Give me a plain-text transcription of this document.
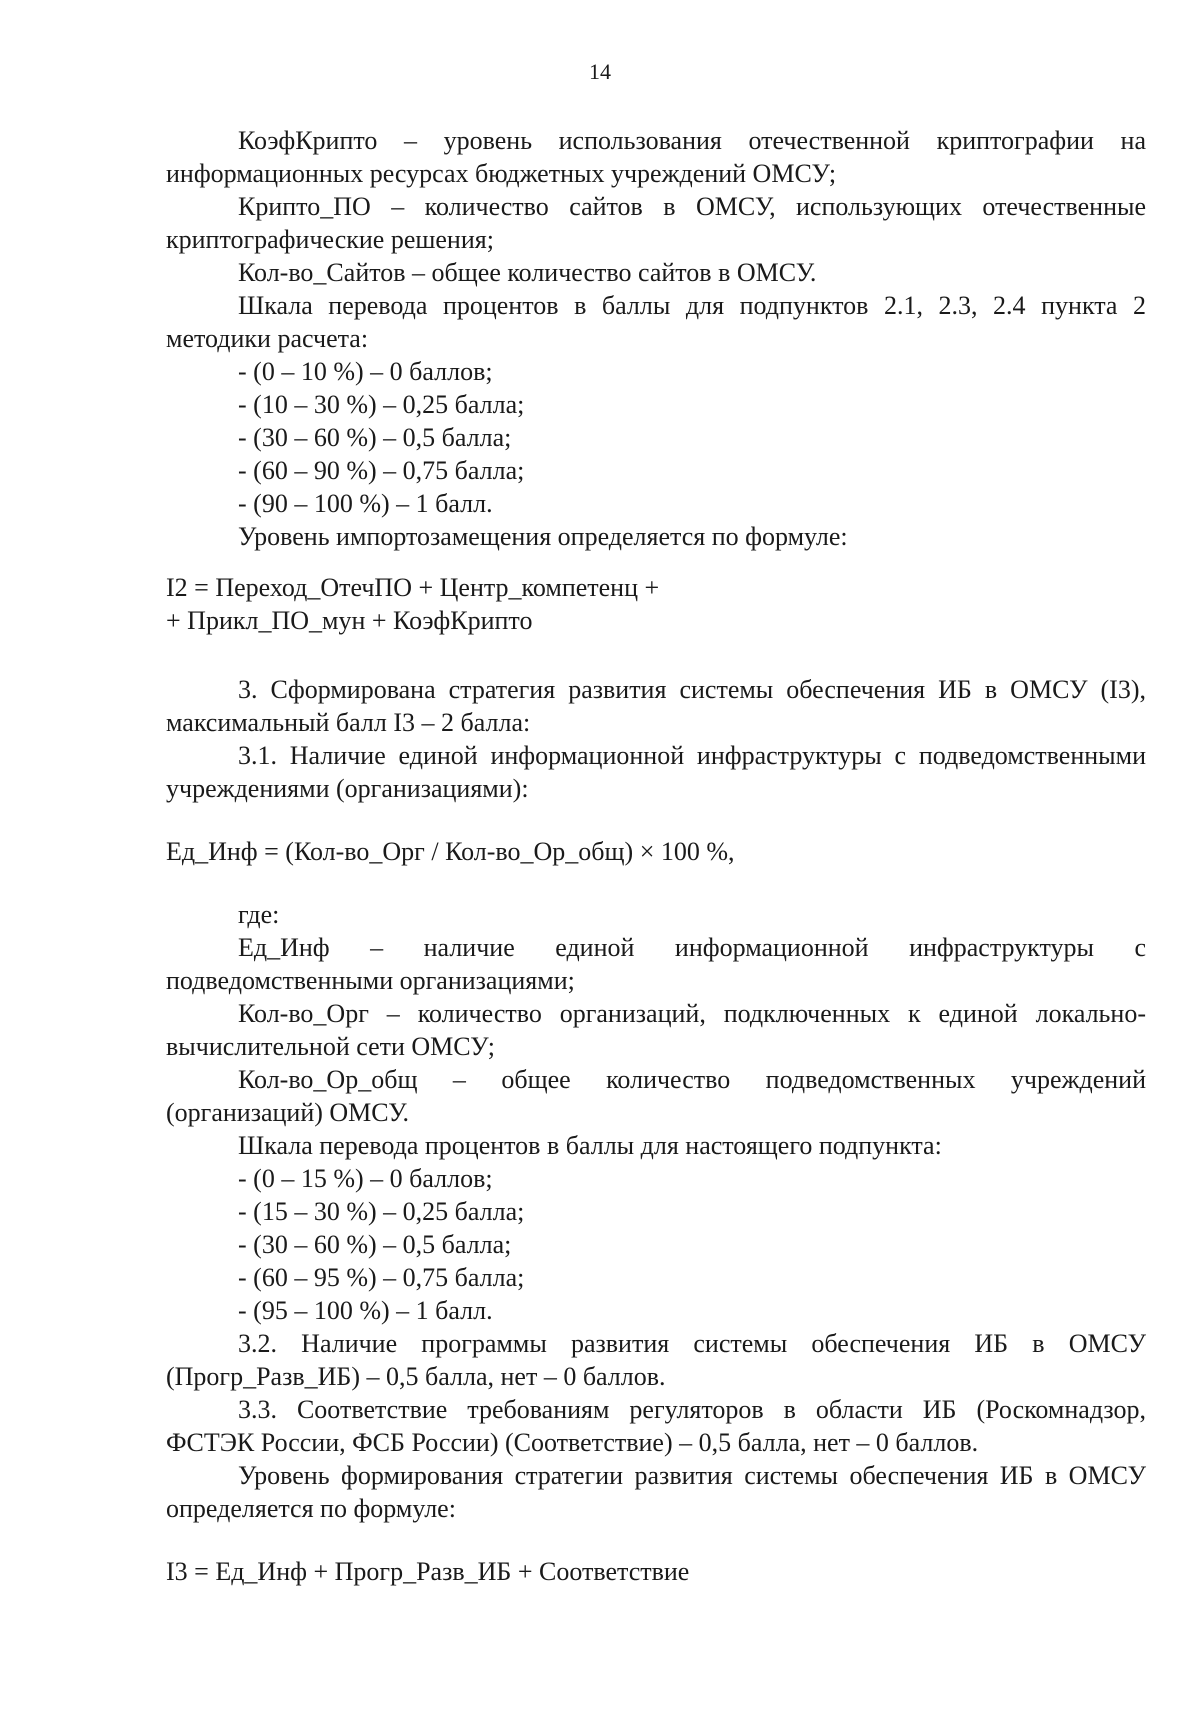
14

КоэфКрипто – уровень использования отечественной криптографии на информационных ресурсах бюджетных учреждений ОМСУ;

Крипто_ПО – количество сайтов в ОМСУ, использующих отечественные криптографические решения;

Кол-во_Сайтов – общее количество сайтов в ОМСУ.

Шкала перевода процентов в баллы для подпунктов 2.1, 2.3, 2.4 пункта 2 методики расчета:

- (0 – 10 %) – 0 баллов;

- (10 – 30 %) – 0,25 балла;

- (30 – 60 %) – 0,5 балла;

- (60 – 90 %) – 0,75 балла;

- (90 – 100 %) – 1 балл.

Уровень импортозамещения определяется по формуле:

I2 = Переход_ОтечПО + Центр_компетенц +

+ Прикл_ПО_мун + КоэфКрипто

3. Сформирована стратегия развития системы обеспечения ИБ в ОМСУ (I3), максимальный балл I3 – 2 балла:

3.1. Наличие единой информационной инфраструктуры с подведомственными учреждениями (организациями):

Ед_Инф = (Кол-во_Орг / Кол-во_Ор_общ) × 100 %,

где:

Ед_Инф – наличие единой информационной инфраструктуры с подведомственными организациями;

Кол-во_Орг – количество организаций, подключенных к единой локально-вычислительной сети ОМСУ;

Кол-во_Ор_общ – общее количество подведомственных учреждений (организаций) ОМСУ.

Шкала перевода процентов в баллы для настоящего подпункта:

- (0 – 15 %) – 0 баллов;

- (15 – 30 %) – 0,25 балла;

- (30 – 60 %) – 0,5 балла;

- (60 – 95 %) – 0,75 балла;

- (95 – 100 %) – 1 балл.

3.2. Наличие программы развития системы обеспечения ИБ в ОМСУ (Прогр_Разв_ИБ) – 0,5 балла, нет – 0 баллов.

3.3. Соответствие требованиям регуляторов в области ИБ (Роскомнадзор, ФСТЭК России, ФСБ России) (Соответствие) – 0,5 балла, нет – 0 баллов.

Уровень формирования стратегии развития системы обеспечения ИБ в ОМСУ определяется по формуле:

I3 = Ед_Инф + Прогр_Разв_ИБ + Соответствие
